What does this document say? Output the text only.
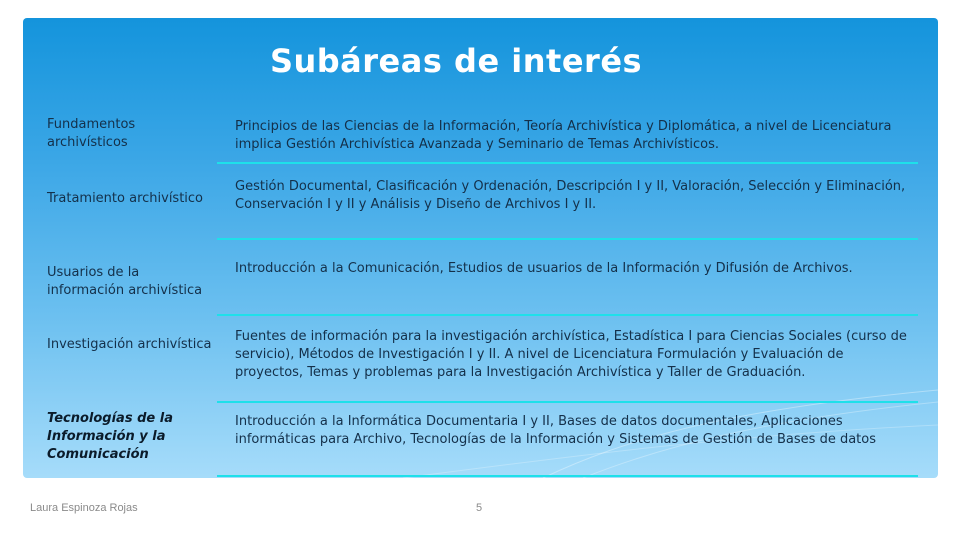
Subáreas de interés
Fundamentos archivísticos
Principios de las Ciencias de la Información, Teoría Archivística y Diplomática, a nivel de Licenciatura implica Gestión Archivística Avanzada y Seminario de Temas Archivísticos.
Tratamiento archivístico
Gestión Documental, Clasificación y Ordenación, Descripción I y II, Valoración, Selección y Eliminación, Conservación I y II y Análisis y Diseño de Archivos I y II.
Usuarios de la información archivística
Introducción a la Comunicación, Estudios de usuarios de la Información y Difusión de Archivos.
Investigación archivística
Fuentes de información para la investigación archivística, Estadística I para Ciencias Sociales (curso de servicio), Métodos de Investigación I y II. A nivel de Licenciatura Formulación y Evaluación de proyectos, Temas y problemas para la Investigación Archivística y Taller de Graduación.
Tecnologías de la Información y la Comunicación
Introducción a la Informática Documentaria I y II, Bases de datos documentales, Aplicaciones informáticas para Archivo, Tecnologías de la Información y Sistemas de Gestión de Bases de datos
Laura Espinoza Rojas	5
